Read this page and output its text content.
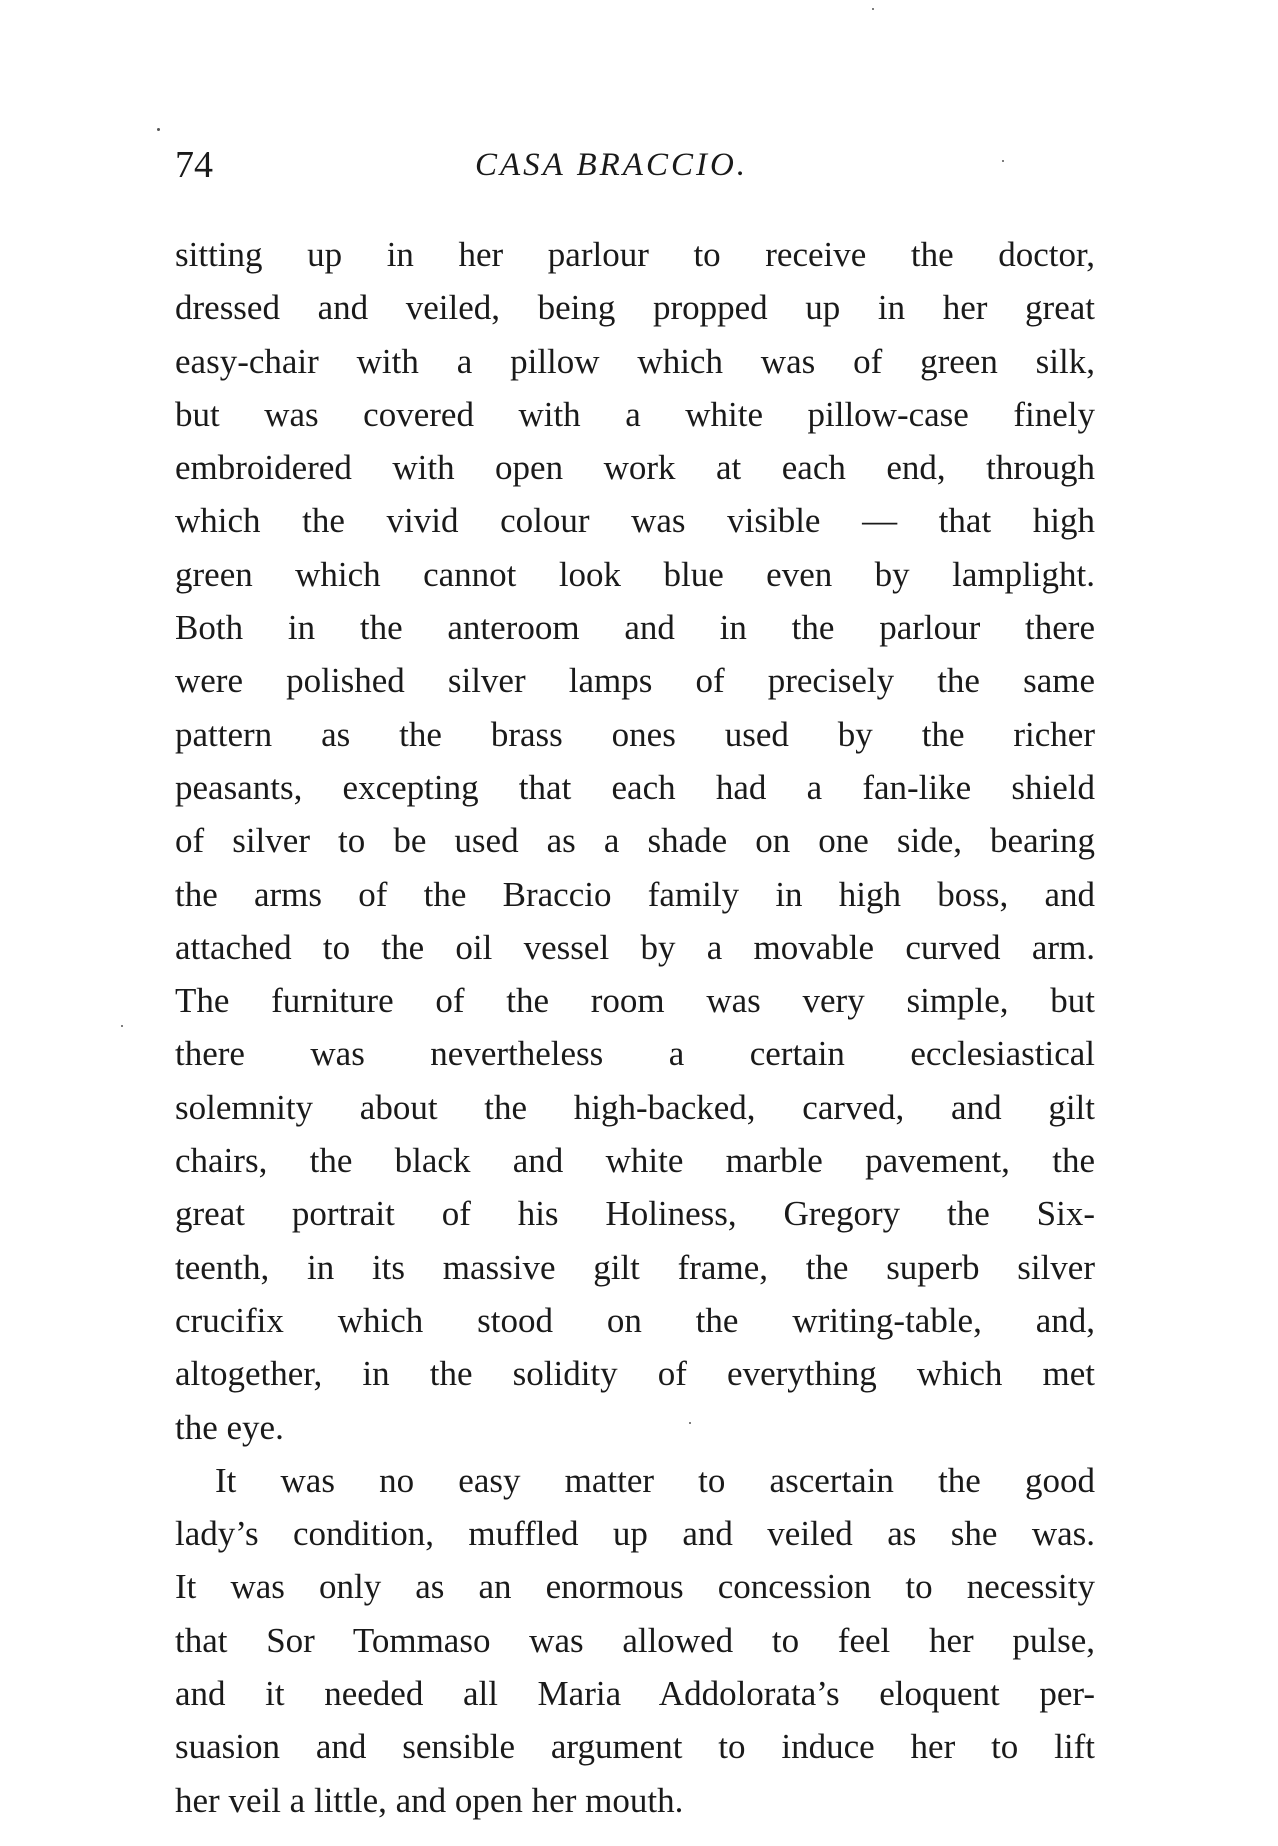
74	CASA BRACCIO.
sitting up in her parlour to receive the doctor,
dressed and veiled, being propped up in her great
easy-chair with a pillow which was of green silk,
but was covered with a white pillow-case finely
embroidered with open work at each end, through
which the vivid colour was visible — that high
green which cannot look blue even by lamplight.
Both in the anteroom and in the parlour there
were polished silver lamps of precisely the same
pattern as the brass ones used by the richer
peasants, excepting that each had a fan-like shield
of silver to be used as a shade on one side, bearing
the arms of the Braccio family in high boss, and
attached to the oil vessel by a movable curved arm.
The furniture of the room was very simple, but
there was nevertheless a certain ecclesiastical
solemnity about the high-backed, carved, and gilt
chairs, the black and white marble pavement, the
great portrait of his Holiness, Gregory the Six-
teenth, in its massive gilt frame, the superb silver
crucifix which stood on the writing-table, and,
altogether, in the solidity of everything which met
the eye.
It was no easy matter to ascertain the good
lady’s condition, muffled up and veiled as she was.
It was only as an enormous concession to necessity
that Sor Tommaso was allowed to feel her pulse,
and it needed all Maria Addolorata’s eloquent per-
suasion and sensible argument to induce her to lift
her veil a little, and open her mouth.
